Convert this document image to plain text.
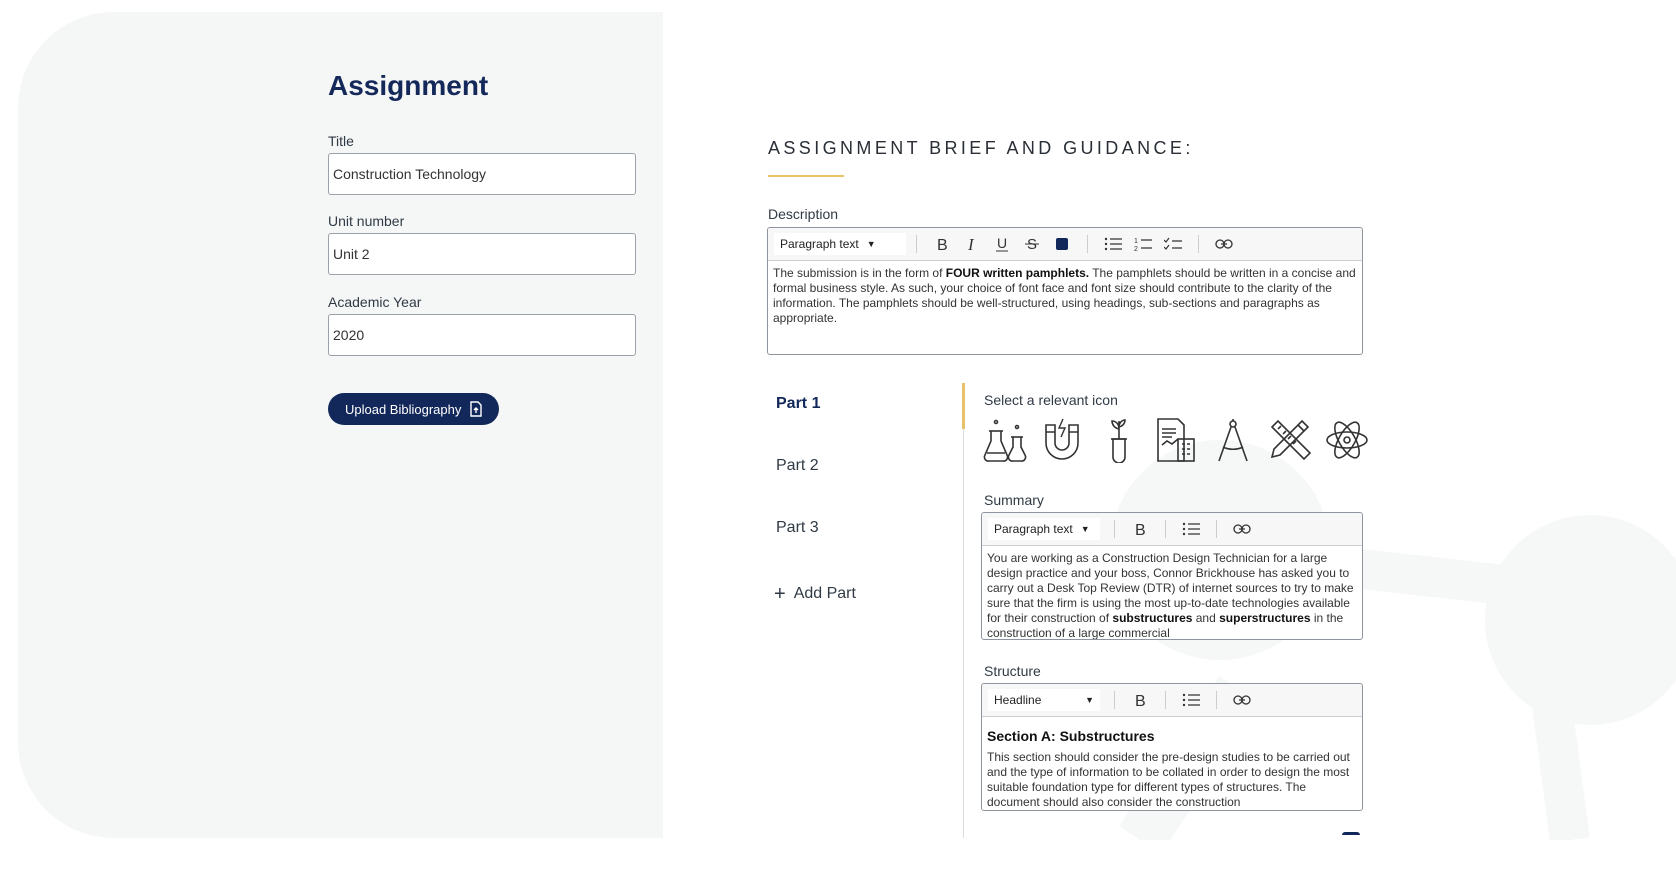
Assignment
Title
Construction Technology
Unit number
Unit 2
Academic Year
2020
Upload Bibliography
ASSIGNMENT BRIEF AND GUIDANCE:
Description
Paragraph text ▼	B I U S	1
2
The submission is in the form of FOUR written pamphlets. The pamphlets should be written in a concise and formal business style. As such, your choice of font face and font size should contribute to the clarity of the information. The pamphlets should be well-structured, using headings, sub-sections and paragraphs as appropriate.
Part 1
Part 2
Part 3
+ Add Part
Select a relevant icon
Summary
Paragraph text ▼	B
You are working as a Construction Design Technician for a large design practice and your boss, Connor Brickhouse has asked you to carry out a Desk Top Review (DTR) of internet sources to try to make sure that the firm is using the most up-to-date technologies available for their construction of substructures and superstructures in the construction of a large commercial
Structure
Headline	▼	B
Section A: Substructures
This section should consider the pre-design studies to be carried out and the type of information to be collated in order to design the most suitable foundation type for different types of structures. The document should also consider the construction
